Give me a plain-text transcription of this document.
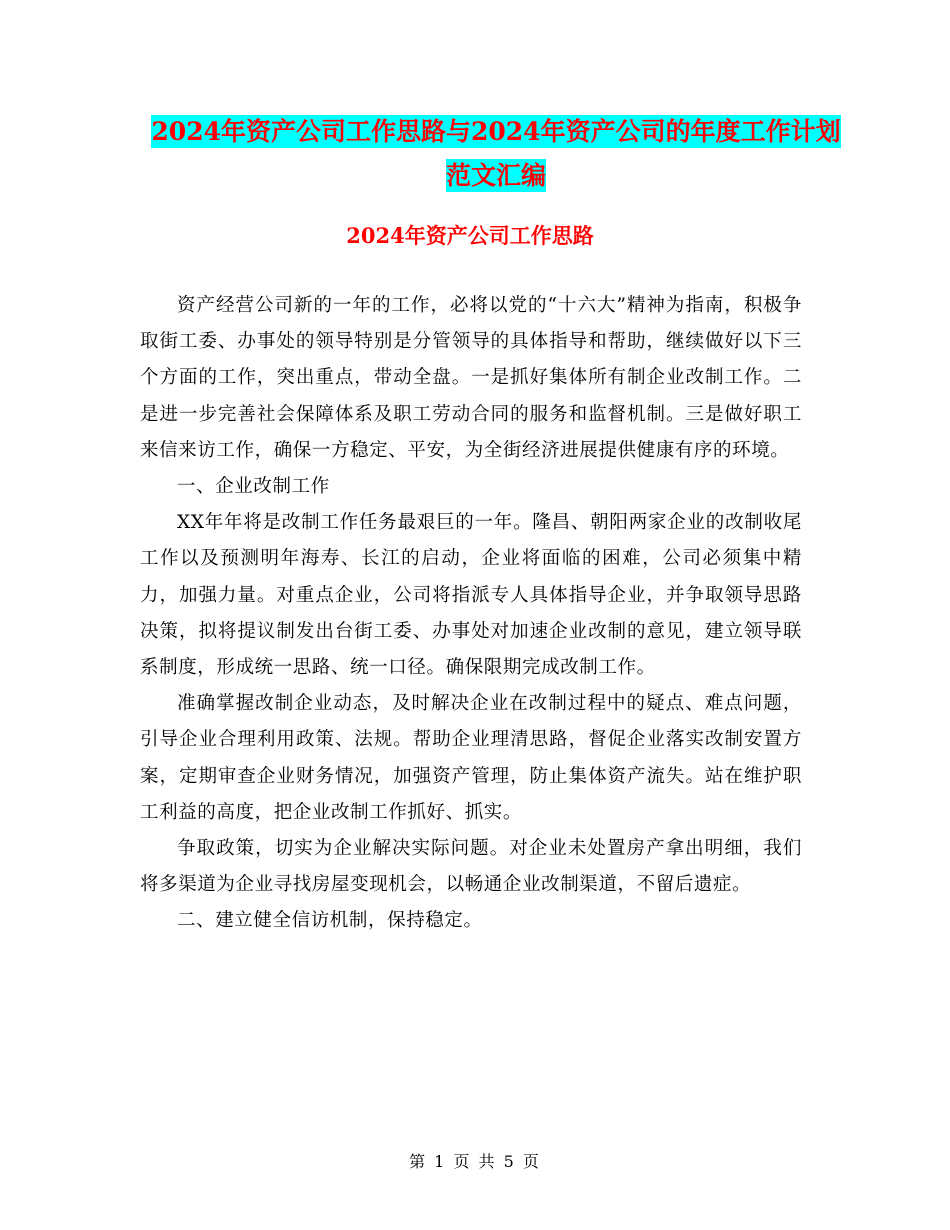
2024年资产公司工作思路与2024年资产公司的年度工作计划范文汇编
2024年资产公司工作思路

资产经营公司新的一年的工作，必将以党的“十六大”精神为指南，积极争取街工委、办事处的领导特别是分管领导的具体指导和帮助，继续做好以下三个方面的工作，突出重点，带动全盘。一是抓好集体所有制企业改制工作。二是进一步完善社会保障体系及职工劳动合同的服务和监督机制。三是做好职工来信来访工作，确保一方稳定、平安，为全街经济进展提供健康有序的环境。

一、企业改制工作

XX年年将是改制工作任务最艰巨的一年。隆昌、朝阳两家企业的改制收尾工作以及预测明年海寿、长江的启动，企业将面临的困难，公司必须集中精力，加强力量。对重点企业，公司将指派专人具体指导企业，并争取领导思路决策，拟将提议制发出台街工委、办事处对加速企业改制的意见，建立领导联系制度，形成统一思路、统一口径。确保限期完成改制工作。

准确掌握改制企业动态，及时解决企业在改制过程中的疑点、难点问题，引导企业合理利用政策、法规。帮助企业理清思路，督促企业落实改制安置方案，定期审查企业财务情况，加强资产管理，防止集体资产流失。站在维护职工利益的高度，把企业改制工作抓好、抓实。

争取政策，切实为企业解决实际问题。对企业未处置房产拿出明细，我们将多渠道为企业寻找房屋变现机会，以畅通企业改制渠道，不留后遗症。

二、建立健全信访机制，保持稳定。

第 1 页 共 5 页
